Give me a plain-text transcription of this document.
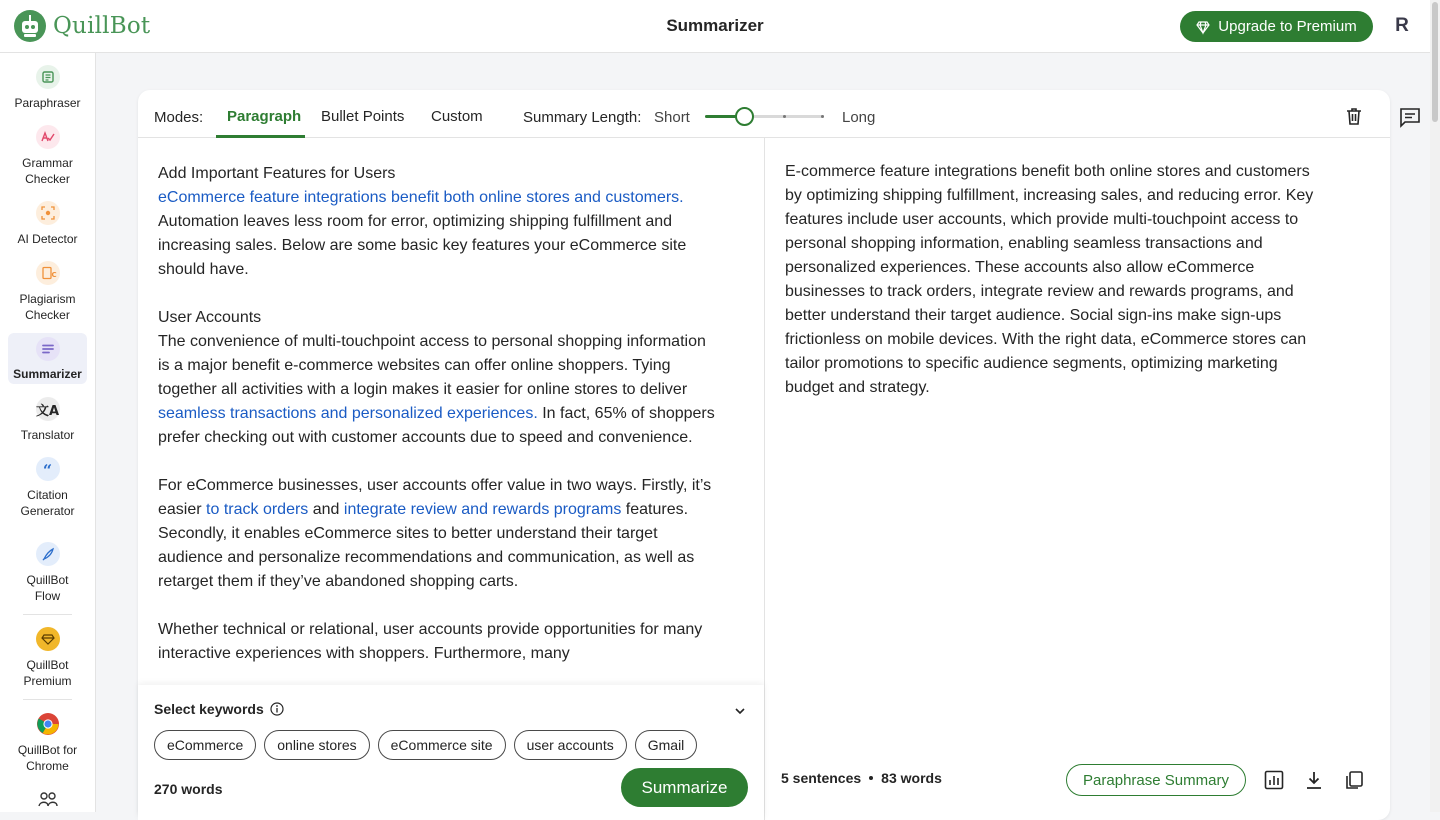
QuillBot	Summarizer	Upgrade to Premium	R
Paraphraser
Grammar
Checker
AI Detector
C
Plagiarism
Checker
Summarizer
文A
Translator
“
Citation
Generator
QuillBot
Flow
QuillBot
Premium
QuillBot for
Chrome
Modes: Paragraph Bullet Points Custom	Summary Length: Short	Long

Add Important Features for Users
eCommerce feature integrations benefit both online stores and customers. Automation leaves less room for error, optimizing shipping fulfillment and increasing sales. Below are some basic key features your eCommerce site should have.

User Accounts
The convenience of multi-touchpoint access to personal shopping information is a major benefit e-commerce websites can offer online shoppers. Tying together all activities with a login makes it easier for online stores to deliver seamless transactions and personalized experiences. In fact, 65% of shoppers prefer checking out with customer accounts due to speed and convenience.

For eCommerce businesses, user accounts offer value in two ways. Firstly, it’s easier to track orders and integrate review and rewards programs features. Secondly, it enables eCommerce sites to better understand their target audience and personalize recommendations and communication, as well as retarget them if they’ve abandoned shopping carts.

Whether technical or relational, user accounts provide opportunities for many interactive experiences with shoppers. Furthermore, many

Select keywords
eCommerce	online stores	eCommerce site	user accounts	Gmail
270 words	Summarize
E-commerce feature integrations benefit both online stores and customers by optimizing shipping fulfillment, increasing sales, and reducing error. Key features include user accounts, which provide multi-touchpoint access to personal shopping information, enabling seamless transactions and personalized experiences. These accounts also allow eCommerce businesses to track orders, integrate review and rewards programs, and better understand their target audience. Social sign-ins make sign-ups frictionless on mobile devices. With the right data, eCommerce stores can tailor promotions to specific audience segments, optimizing marketing budget and strategy.
5 sentences 83 words	Paraphrase Summary
